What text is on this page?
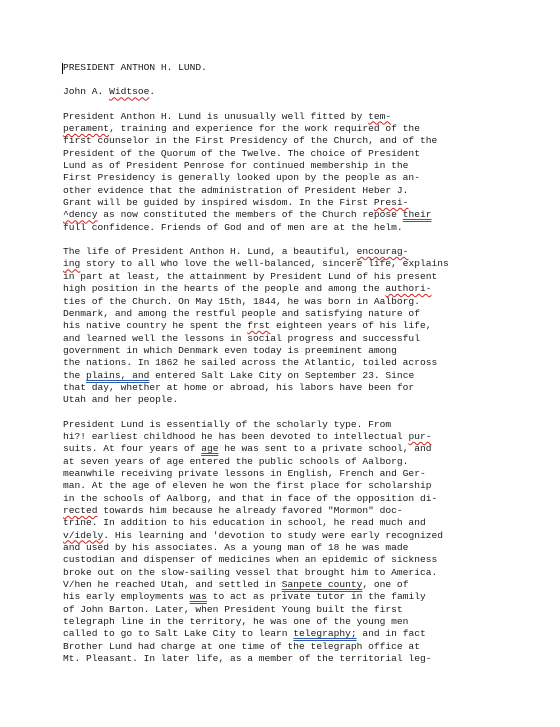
PRESIDENT ANTHON H. LUND.
John A. Widtsoe.
President Anthon H. Lund is unusually well fitted by tem-
perament, training and experience for the work required of the
first counselor in the First Presidency of the Church, and of the
President of the Quorum of the Twelve. The choice of President
Lund as of President Penrose for continued membership in the
First Presidency is generally looked upon by the people as an-
other evidence that the administration of President Heber J.
Grant will be guided by inspired wisdom. In the First Presi-
^dency as now constituted the members of the Church repose their
full confidence. Friends of God and of men are at the helm.
The life of President Anthon H. Lund, a beautiful, encourag-
ing story to all who love the well-balanced, sincere life, explains
in part at least, the attainment by President Lund of his present
high position in the hearts of the people and among the authori-
ties of the Church. On May 15th, 1844, he was born in Aalborg.
Denmark, and among the restful people and satisfying nature of
his native country he spent the frst eighteen years of his life,
and learned well the lessons in social progress and successful
government in which Denmark even today is preeminent among
the nations. In 1862 he sailed across the Atlantic, toiled across
the plains, and entered Salt Lake City on September 23. Since
that day, whether at home or abroad, his labors have been for
Utah and her people.
President Lund is essentially of the scholarly type. From
hi?! earliest childhood he has been devoted to intellectual pur-
suits. At four years of age he was sent to a private school, and
at seven years of age entered the public schools of Aalborg.
meanwhile receiving private lessons in English, French and Ger-
man. At the age of eleven he won the first place for scholarship
in the schools of Aalborg, and that in face of the opposition di-
rected towards him because he already favored "Mormon" doc-
trine. In addition to his education in school, he read much and
v/idely. His learning and 'devotion to study were early recognized
and used by his associates. As a young man of 18 he was made
custodian and dispenser of medicines when an epidemic of sickness
broke out on the slow-sailing vessel that brought him to America.
V/hen he reached Utah, and settled in Sanpete county, one of
his early employments was to act as private tutor in the family
of John Barton. Later, when President Young built the first
telegraph line in the territory, he was one of the young men
called to go to Salt Lake City to learn telegraphy; and in fact
Brother Lund had charge at one time of the telegraph office at
Mt. Pleasant. In later life, as a member of the territorial leg-
